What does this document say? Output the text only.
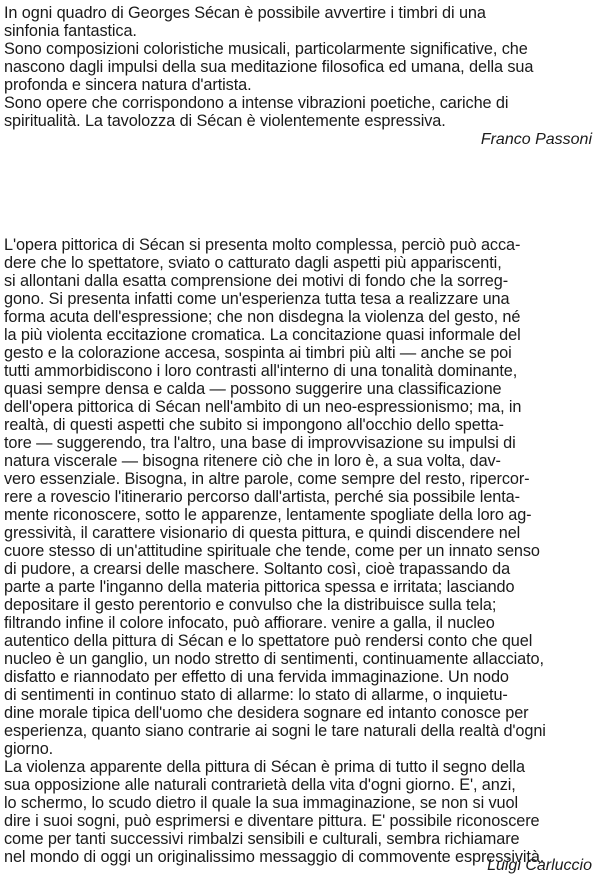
In ogni quadro di Georges Sécan è possibile avvertire i timbri di una
sinfonia fantastica.
Sono composizioni coloristiche musicali, particolarmente significative, che
nascono dagli impulsi della sua meditazione filosofica ed umana, della sua
profonda e sincera natura d'artista.
Sono opere che corrispondono a intense vibrazioni poetiche, cariche di
spiritualità. La tavolozza di Sécan è violentemente espressiva.
Franco Passoni
L'opera pittorica di Sécan si presenta molto complessa, perciò può acca-
dere che lo spettatore, sviato o catturato dagli aspetti più appariscenti,
si allontani dalla esatta comprensione dei motivi di fondo che la sorreg-
gono. Si presenta infatti come un'esperienza tutta tesa a realizzare una
forma acuta dell'espressione; che non disdegna la violenza del gesto, né
la più violenta eccitazione cromatica. La concitazione quasi informale del
gesto e la colorazione accesa, sospinta ai timbri più alti — anche se poi
tutti ammorbidiscono i loro contrasti all'interno di una tonalità dominante,
quasi sempre densa e calda — possono suggerire una classificazione
dell'opera pittorica di Sécan nell'ambito di un neo-espressionismo; ma, in
realtà, di questi aspetti che subito si impongono all'occhio dello spetta-
tore — suggerendo, tra l'altro, una base di improvvisazione su impulsi di
natura viscerale — bisogna ritenere ciò che in loro è, a sua volta, dav-
vero essenziale. Bisogna, in altre parole, come sempre del resto, ripercor-
rere a rovescio l'itinerario percorso dall'artista, perché sia possibile lenta-
mente riconoscere, sotto le apparenze, lentamente spogliate della loro ag-
gressività, il carattere visionario di questa pittura, e quindi discendere nel
cuore stesso di un'attitudine spirituale che tende, come per un innato senso
di pudore, a crearsi delle maschere. Soltanto così, cioè trapassando da
parte a parte l'inganno della materia pittorica spessa e irritata; lasciando
depositare il gesto perentorio e convulso che la distribuisce sulla tela;
filtrando infine il colore infocato, può affiorare. venire a galla, il nucleo
autentico della pittura di Sécan e lo spettatore può rendersi conto che quel
nucleo è un ganglio, un nodo stretto di sentimenti, continuamente allacciato,
disfatto e riannodato per effetto di una fervida immaginazione. Un nodo
di sentimenti in continuo stato di allarme: lo stato di allarme, o inquietu-
dine morale tipica dell'uomo che desidera sognare ed intanto conosce per
esperienza, quanto siano contrarie ai sogni le tare naturali della realtà d'ogni
giorno.
La violenza apparente della pittura di Sécan è prima di tutto il segno della
sua opposizione alle naturali contrarietà della vita d'ogni giorno. E', anzi,
lo schermo, lo scudo dietro il quale la sua immaginazione, se non si vuol
dire i suoi sogni, può esprimersi e diventare pittura. E' possibile riconoscere
come per tanti successivi rimbalzi sensibili e culturali, sembra richiamare
nel mondo di oggi un originalissimo messaggio di commovente espressività.
Luigi Carluccio
